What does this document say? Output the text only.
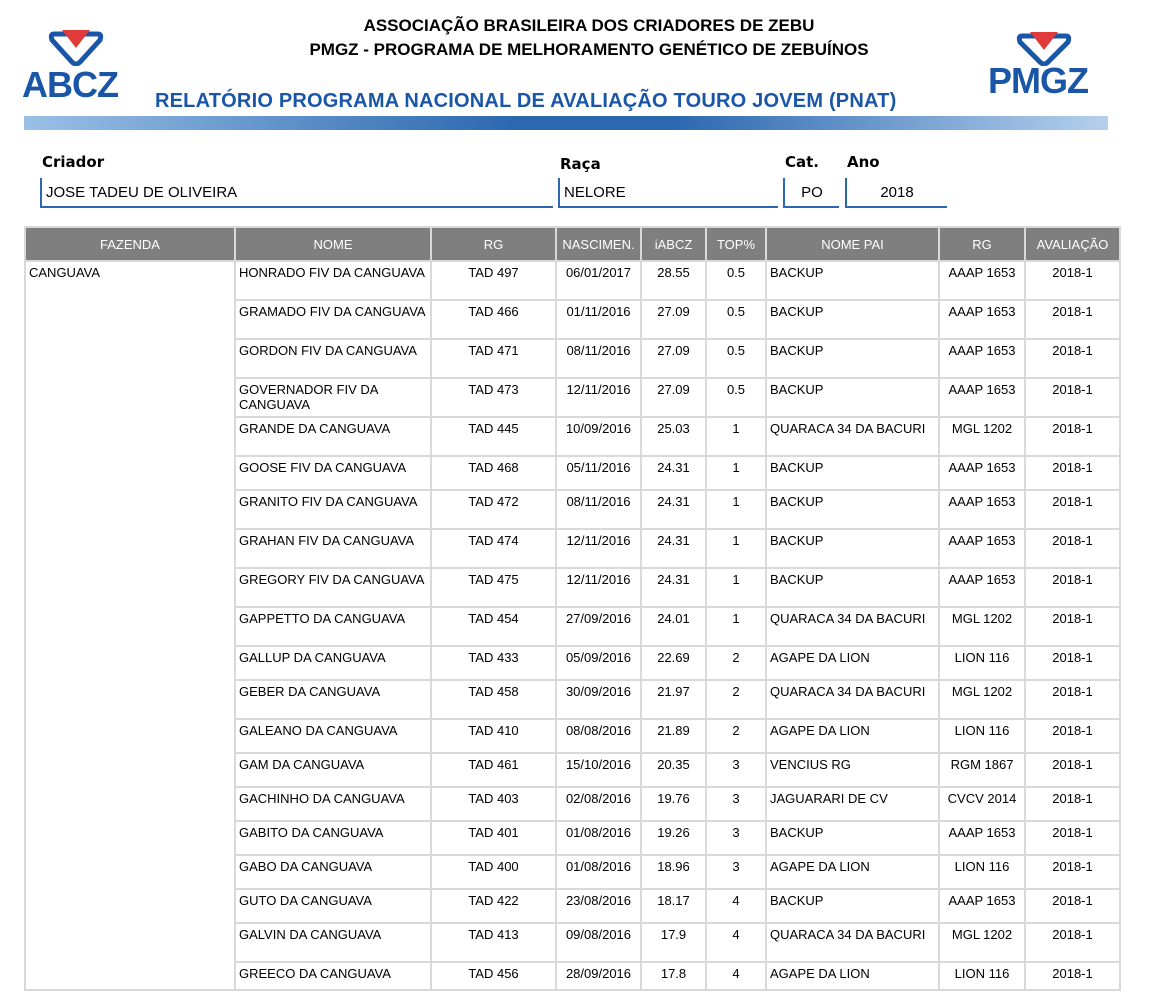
ABCZ	PMGZ
ASSOCIAÇÃO BRASILEIRA DOS CRIADORES DE ZEBU
PMGZ - PROGRAMA DE MELHORAMENTO GENÉTICO DE ZEBUÍNOS
RELATÓRIO PROGRAMA NACIONAL DE AVALIAÇÃO TOURO JOVEM (PNAT)
Criador
JOSE TADEU DE OLIVEIRA
Raça
NELORE
Cat.
PO
Ano
2018
FAZENDA	NOME	RG	NASCIMEN.	iABCZ	TOP%	NOME PAI	RG	AVALIAÇÃO
CANGUAVA	HONRADO FIV DA CANGUAVA	TAD 497	06/01/2017	28.55	0.5	BACKUP	AAAP 1653	2018-1
	GRAMADO FIV DA CANGUAVA	TAD 466	01/11/2016	27.09	0.5	BACKUP	AAAP 1653	2018-1
	GORDON FIV DA CANGUAVA	TAD 471	08/11/2016	27.09	0.5	BACKUP	AAAP 1653	2018-1
	GOVERNADOR FIV DA CANGUAVA	TAD 473	12/11/2016	27.09	0.5	BACKUP	AAAP 1653	2018-1
	GRANDE DA CANGUAVA	TAD 445	10/09/2016	25.03	1	QUARACA 34 DA BACURI	MGL 1202	2018-1
	GOOSE FIV DA CANGUAVA	TAD 468	05/11/2016	24.31	1	BACKUP	AAAP 1653	2018-1
	GRANITO FIV DA CANGUAVA	TAD 472	08/11/2016	24.31	1	BACKUP	AAAP 1653	2018-1
	GRAHAN FIV DA CANGUAVA	TAD 474	12/11/2016	24.31	1	BACKUP	AAAP 1653	2018-1
	GREGORY FIV DA CANGUAVA	TAD 475	12/11/2016	24.31	1	BACKUP	AAAP 1653	2018-1
	GAPPETTO DA CANGUAVA	TAD 454	27/09/2016	24.01	1	QUARACA 34 DA BACURI	MGL 1202	2018-1
	GALLUP DA CANGUAVA	TAD 433	05/09/2016	22.69	2	AGAPE DA LION	LION 116	2018-1
	GEBER DA CANGUAVA	TAD 458	30/09/2016	21.97	2	QUARACA 34 DA BACURI	MGL 1202	2018-1
	GALEANO DA CANGUAVA	TAD 410	08/08/2016	21.89	2	AGAPE DA LION	LION 116	2018-1
	GAM DA CANGUAVA	TAD 461	15/10/2016	20.35	3	VENCIUS RG	RGM 1867	2018-1
	GACHINHO DA CANGUAVA	TAD 403	02/08/2016	19.76	3	JAGUARARI DE CV	CVCV 2014	2018-1
	GABITO DA CANGUAVA	TAD 401	01/08/2016	19.26	3	BACKUP	AAAP 1653	2018-1
	GABO DA CANGUAVA	TAD 400	01/08/2016	18.96	3	AGAPE DA LION	LION 116	2018-1
	GUTO DA CANGUAVA	TAD 422	23/08/2016	18.17	4	BACKUP	AAAP 1653	2018-1
	GALVIN DA CANGUAVA	TAD 413	09/08/2016	17.9	4	QUARACA 34 DA BACURI	MGL 1202	2018-1
	GREECO DA CANGUAVA	TAD 456	28/09/2016	17.8	4	AGAPE DA LION	LION 116	2018-1
